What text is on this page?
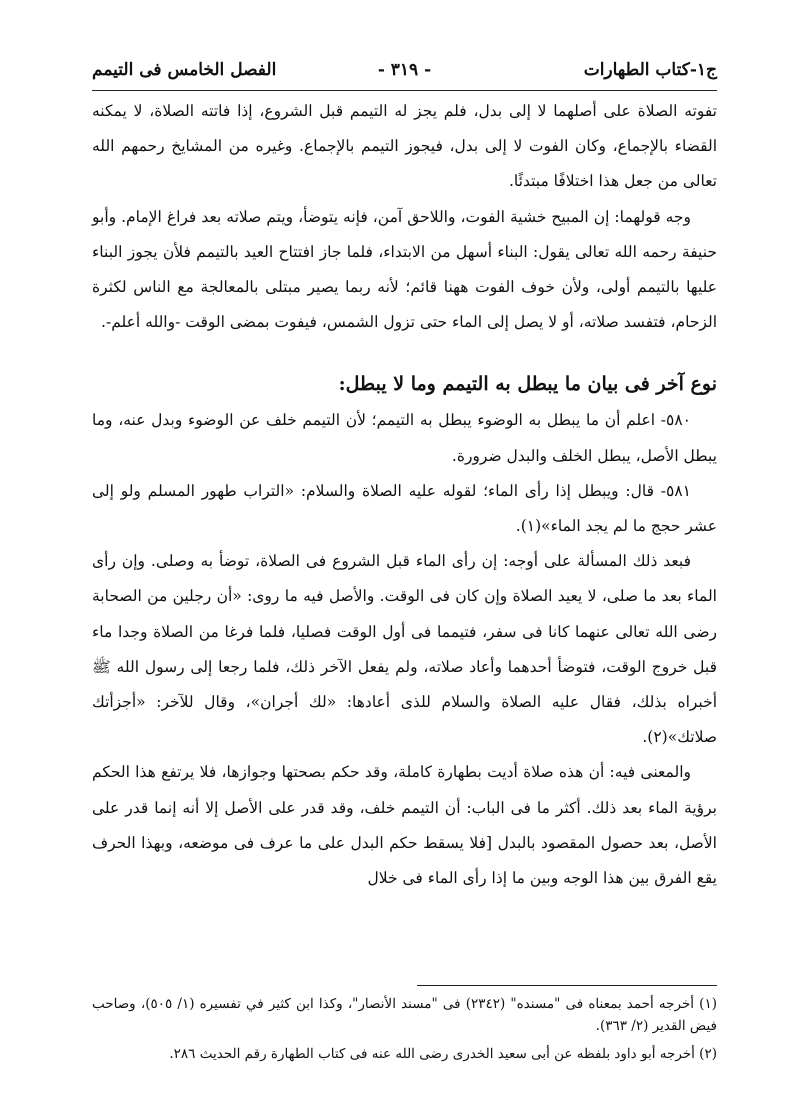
ج١-كتاب الطهارات
- ٣١٩ -
الفصل الخامس فى التيمم

تفوته الصلاة على أصلهما لا إلى بدل، فلم يجز له التيمم قبل الشروع، إذا فاتته الصلاة، لا يمكنه القضاء بالإجماع، وكان الفوت لا إلى بدل، فيجوز التيمم بالإجماع. وغيره من المشايخ رحمهم الله تعالى من جعل هذا اختلافًا مبتدئًا.

وجه قولهما: إن المبيح خشية الفوت، واللاحق آمن، فإنه يتوضأ، ويتم صلاته بعد فراغ الإمام. وأبو حنيفة رحمه الله تعالى يقول: البناء أسهل من الابتداء، فلما جاز افتتاح العيد بالتيمم فلأن يجوز البناء عليها بالتيمم أولى، ولأن خوف الفوت ههنا قائم؛ لأنه ربما يصير مبتلى بالمعالجة مع الناس لكثرة الزحام، فتفسد صلاته، أو لا يصل إلى الماء حتى تزول الشمس، فيفوت بمضى الوقت -والله أعلم-.

نوع آخر فى بيان ما يبطل به التيمم وما لا يبطل:

٥٨٠- اعلم أن ما يبطل به الوضوء يبطل به التيمم؛ لأن التيمم خلف عن الوضوء وبدل عنه، وما يبطل الأصل، يبطل الخلف والبدل ضرورة.

٥٨١- قال: ويبطل إذا رأى الماء؛ لقوله عليه الصلاة والسلام: «التراب طهور المسلم ولو إلى عشر حجج ما لم يجد الماء»(١).

فبعد ذلك المسألة على أوجه: إن رأى الماء قبل الشروع فى الصلاة، توضأ به وصلى. وإن رأى الماء بعد ما صلى، لا يعيد الصلاة وإن كان فى الوقت. والأصل فيه ما روى: «أن رجلين من الصحابة رضى الله تعالى عنهما كانا فى سفر، فتيمما فى أول الوقت فصليا، فلما فرغا من الصلاة وجدا ماء قبل خروج الوقت، فتوضأ أحدهما وأعاد صلاته، ولم يفعل الآخر ذلك، فلما رجعا إلى رسول الله ﷺ أخبراه بذلك، فقال عليه الصلاة والسلام للذى أعادها: «لك أجران»، وقال للآخر: «أجزأتك صلاتك»(٢).

والمعنى فيه: أن هذه صلاة أديت بطهارة كاملة، وقد حكم بصحتها وجوازها، فلا يرتفع هذا الحكم برؤية الماء بعد ذلك. أكثر ما فى الباب: أن التيمم خلف، وقد قدر على الأصل إلا أنه إنما قدر على الأصل، بعد حصول المقصود بالبدل [فلا يسقط حكم البدل على ما عرف فى موضعه، وبهذا الحرف يقع الفرق بين هذا الوجه وبين ما إذا رأى الماء فى خلال

(١) أخرجه أحمد بمعناه فى "مسنده" (٢٣٤٢) فى "مسند الأنصار"، وكذا ابن كثير في تفسيره (١/ ٥٠٥)، وصاحب فيض القدير (٢/ ٣٦٣).

(٢) أخرجه أبو داود بلفظه عن أبى سعيد الخدرى رضى الله عنه فى كتاب الطهارة رقم الحديث ٢٨٦.
